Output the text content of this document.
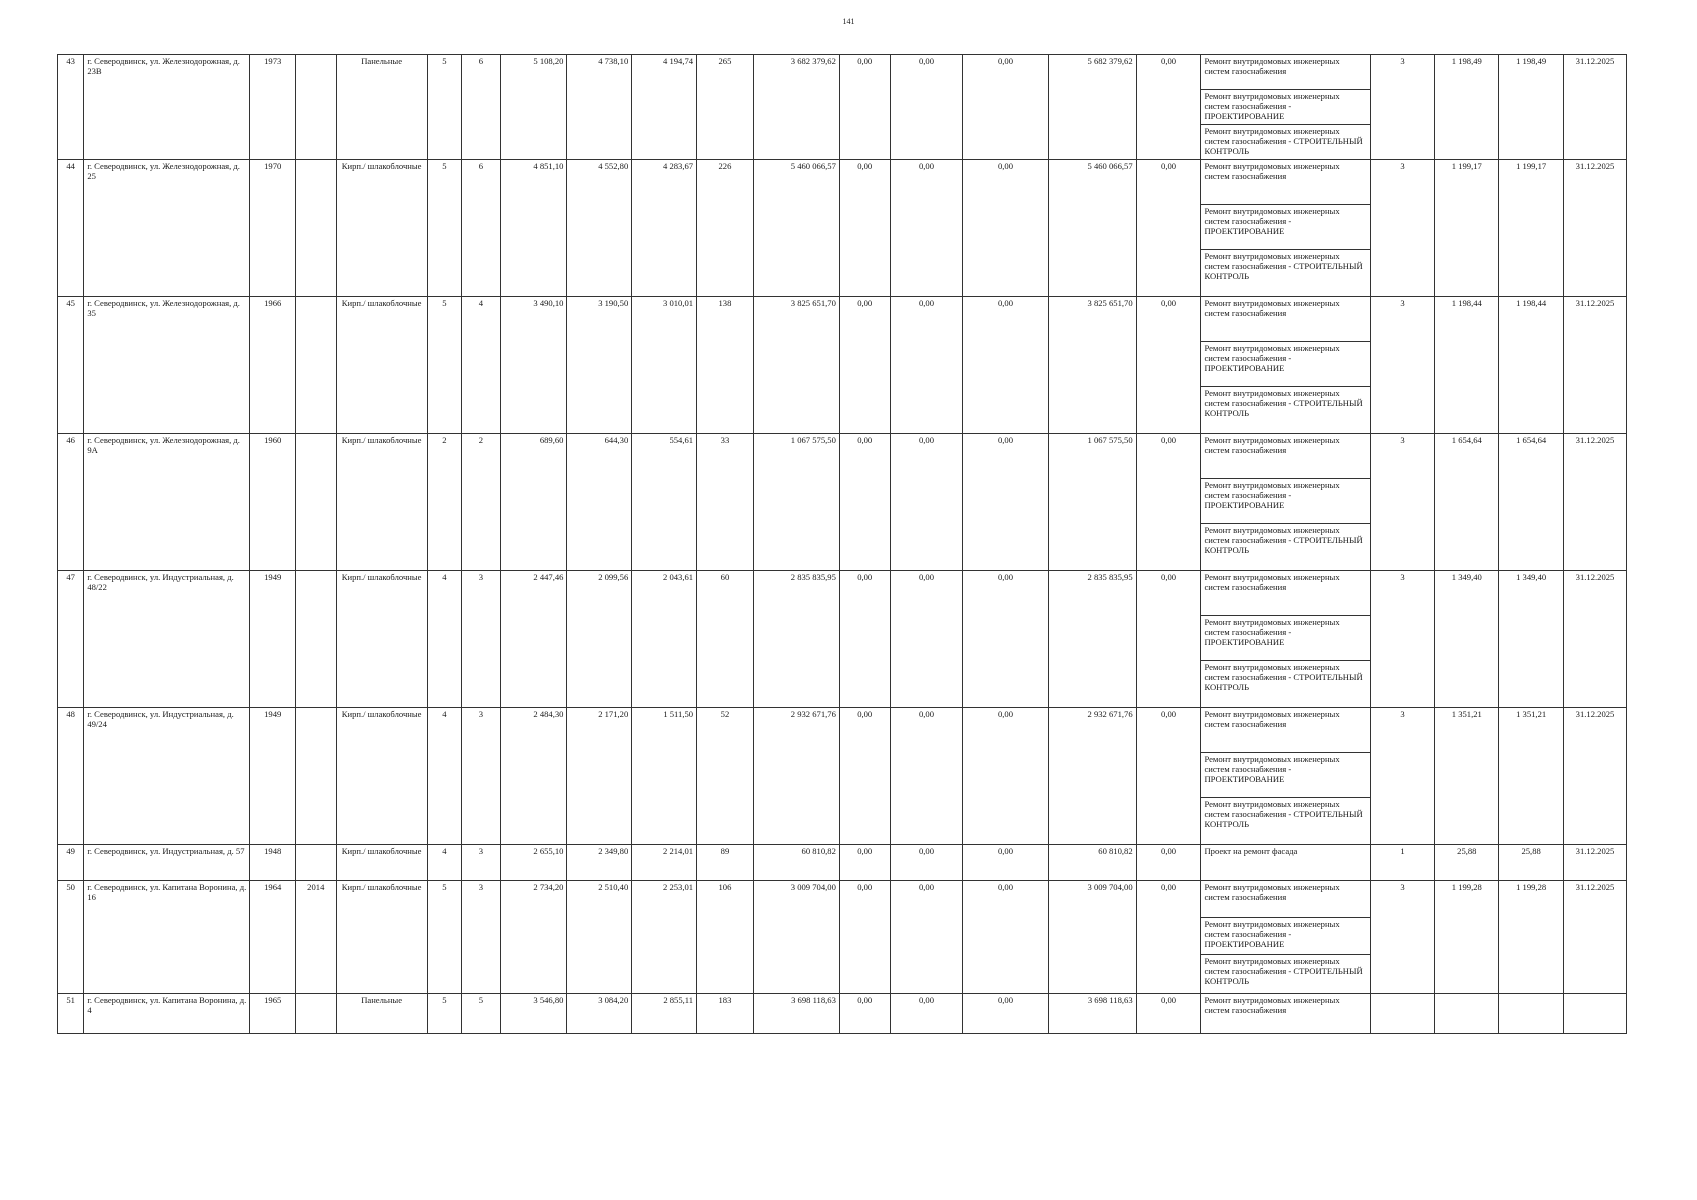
141
43	г. Северодвинск, ул. Железнодорожная, д. 23В	1973		Панельные	5	6	5 108,20	4 738,10	4 194,74	265	3 682 379,62	0,00	0,00	0,00	5 682 379,62	0,00	Ремонт внутридомовых инженерных систем газоснабжения	3	1 198,49	1 198,49	31.12.2025
																	Ремонт внутридомовых инженерных систем газоснабжения - ПРОЕКТИРОВАНИЕ				
																	Ремонт внутридомовых инженерных систем газоснабжения - СТРОИТЕЛЬНЫЙ КОНТРОЛЬ				
44	г. Северодвинск, ул. Железнодорожная, д. 25	1970		Кирп./ шлакоблочные	5	6	4 851,10	4 552,80	4 283,67	226	5 460 066,57	0,00	0,00	0,00	5 460 066,57	0,00	Ремонт внутридомовых инженерных систем газоснабжения	3	1 199,17	1 199,17	31.12.2025
																	Ремонт внутридомовых инженерных систем газоснабжения - ПРОЕКТИРОВАНИЕ				
																	Ремонт внутридомовых инженерных систем газоснабжения - СТРОИТЕЛЬНЫЙ КОНТРОЛЬ				
45	г. Северодвинск, ул. Железнодорожная, д. 35	1966		Кирп./ шлакоблочные	5	4	3 490,10	3 190,50	3 010,01	138	3 825 651,70	0,00	0,00	0,00	3 825 651,70	0,00	Ремонт внутридомовых инженерных систем газоснабжения	3	1 198,44	1 198,44	31.12.2025
																	Ремонт внутридомовых инженерных систем газоснабжения - ПРОЕКТИРОВАНИЕ				
																	Ремонт внутридомовых инженерных систем газоснабжения - СТРОИТЕЛЬНЫЙ КОНТРОЛЬ				
46	г. Северодвинск, ул. Железнодорожная, д. 9А	1960		Кирп./ шлакоблочные	2	2	689,60	644,30	554,61	33	1 067 575,50	0,00	0,00	0,00	1 067 575,50	0,00	Ремонт внутридомовых инженерных систем газоснабжения	3	1 654,64	1 654,64	31.12.2025
																	Ремонт внутридомовых инженерных систем газоснабжения - ПРОЕКТИРОВАНИЕ				
																	Ремонт внутридомовых инженерных систем газоснабжения - СТРОИТЕЛЬНЫЙ КОНТРОЛЬ				
47	г. Северодвинск, ул. Индустриальная, д. 48/22	1949		Кирп./ шлакоблочные	4	3	2 447,46	2 099,56	2 043,61	60	2 835 835,95	0,00	0,00	0,00	2 835 835,95	0,00	Ремонт внутридомовых инженерных систем газоснабжения	3	1 349,40	1 349,40	31.12.2025
																	Ремонт внутридомовых инженерных систем газоснабжения - ПРОЕКТИРОВАНИЕ				
																	Ремонт внутридомовых инженерных систем газоснабжения - СТРОИТЕЛЬНЫЙ КОНТРОЛЬ				
48	г. Северодвинск, ул. Индустриальная, д. 49/24	1949		Кирп./ шлакоблочные	4	3	2 484,30	2 171,20	1 511,50	52	2 932 671,76	0,00	0,00	0,00	2 932 671,76	0,00	Ремонт внутридомовых инженерных систем газоснабжения	3	1 351,21	1 351,21	31.12.2025
																	Ремонт внутридомовых инженерных систем газоснабжения - ПРОЕКТИРОВАНИЕ				
																	Ремонт внутридомовых инженерных систем газоснабжения - СТРОИТЕЛЬНЫЙ КОНТРОЛЬ				
49	г. Северодвинск, ул. Индустриальная, д. 57	1948		Кирп./ шлакоблочные	4	3	2 655,10	2 349,80	2 214,01	89	60 810,82	0,00	0,00	0,00	60 810,82	0,00	Проект на ремонт фасада	1	25,88	25,88	31.12.2025
50	г. Северодвинск, ул. Капитана Воронина, д. 16	1964	2014	Кирп./ шлакоблочные	5	3	2 734,20	2 510,40	2 253,01	106	3 009 704,00	0,00	0,00	0,00	3 009 704,00	0,00	Ремонт внутридомовых инженерных систем газоснабжения	3	1 199,28	1 199,28	31.12.2025
																	Ремонт внутридомовых инженерных систем газоснабжения - ПРОЕКТИРОВАНИЕ				
																	Ремонт внутридомовых инженерных систем газоснабжения - СТРОИТЕЛЬНЫЙ КОНТРОЛЬ				
51	г. Северодвинск, ул. Капитана Воронина, д. 4	1965		Панельные	5	5	3 546,80	3 084,20	2 855,11	183	3 698 118,63	0,00	0,00	0,00	3 698 118,63	0,00	Ремонт внутридомовых инженерных систем газоснабжения				
